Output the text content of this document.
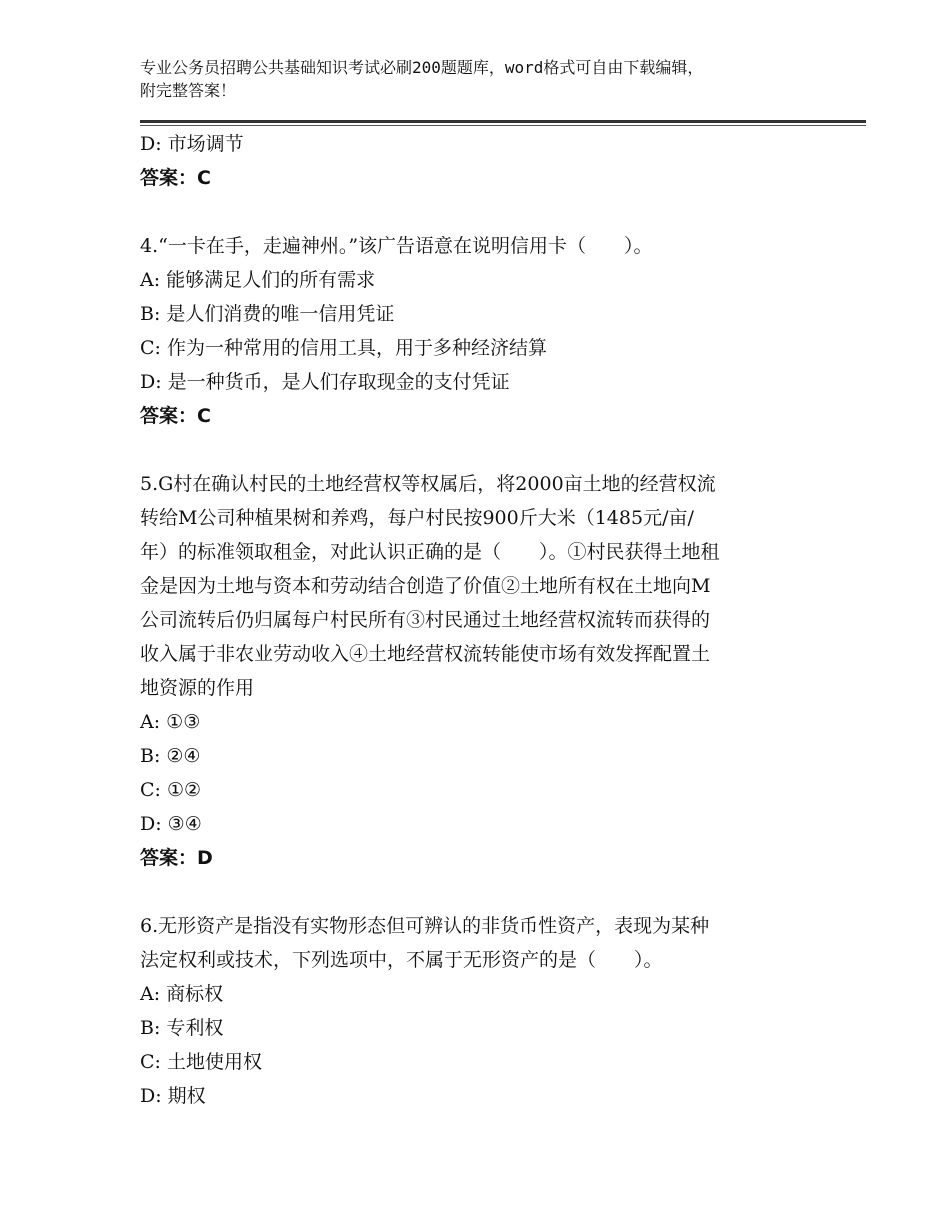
专业公务员招聘公共基础知识考试必刷200题题库，word格式可自由下载编辑，
附完整答案！
D: 市场调节
答案：C
4.“一卡在手，走遍神州。”该广告语意在说明信用卡（　　）。
A: 能够满足人们的所有需求
B: 是人们消费的唯一信用凭证
C: 作为一种常用的信用工具，用于多种经济结算
D: 是一种货币，是人们存取现金的支付凭证
答案：C
5.G村在确认村民的土地经营权等权属后，将2000亩土地的经营权流
转给M公司种植果树和养鸡，每户村民按900斤大米（1485元/亩/
年）的标准领取租金，对此认识正确的是（　　）。①村民获得土地租
金是因为土地与资本和劳动结合创造了价值②土地所有权在土地向M
公司流转后仍归属每户村民所有③村民通过土地经营权流转而获得的
收入属于非农业劳动收入④土地经营权流转能使市场有效发挥配置土
地资源的作用
A: ①③
B: ②④
C: ①②
D: ③④
答案：D
6.无形资产是指没有实物形态但可辨认的非货币性资产，表现为某种
法定权利或技术，下列选项中，不属于无形资产的是（　　）。
A: 商标权
B: 专利权
C: 土地使用权
D: 期权
